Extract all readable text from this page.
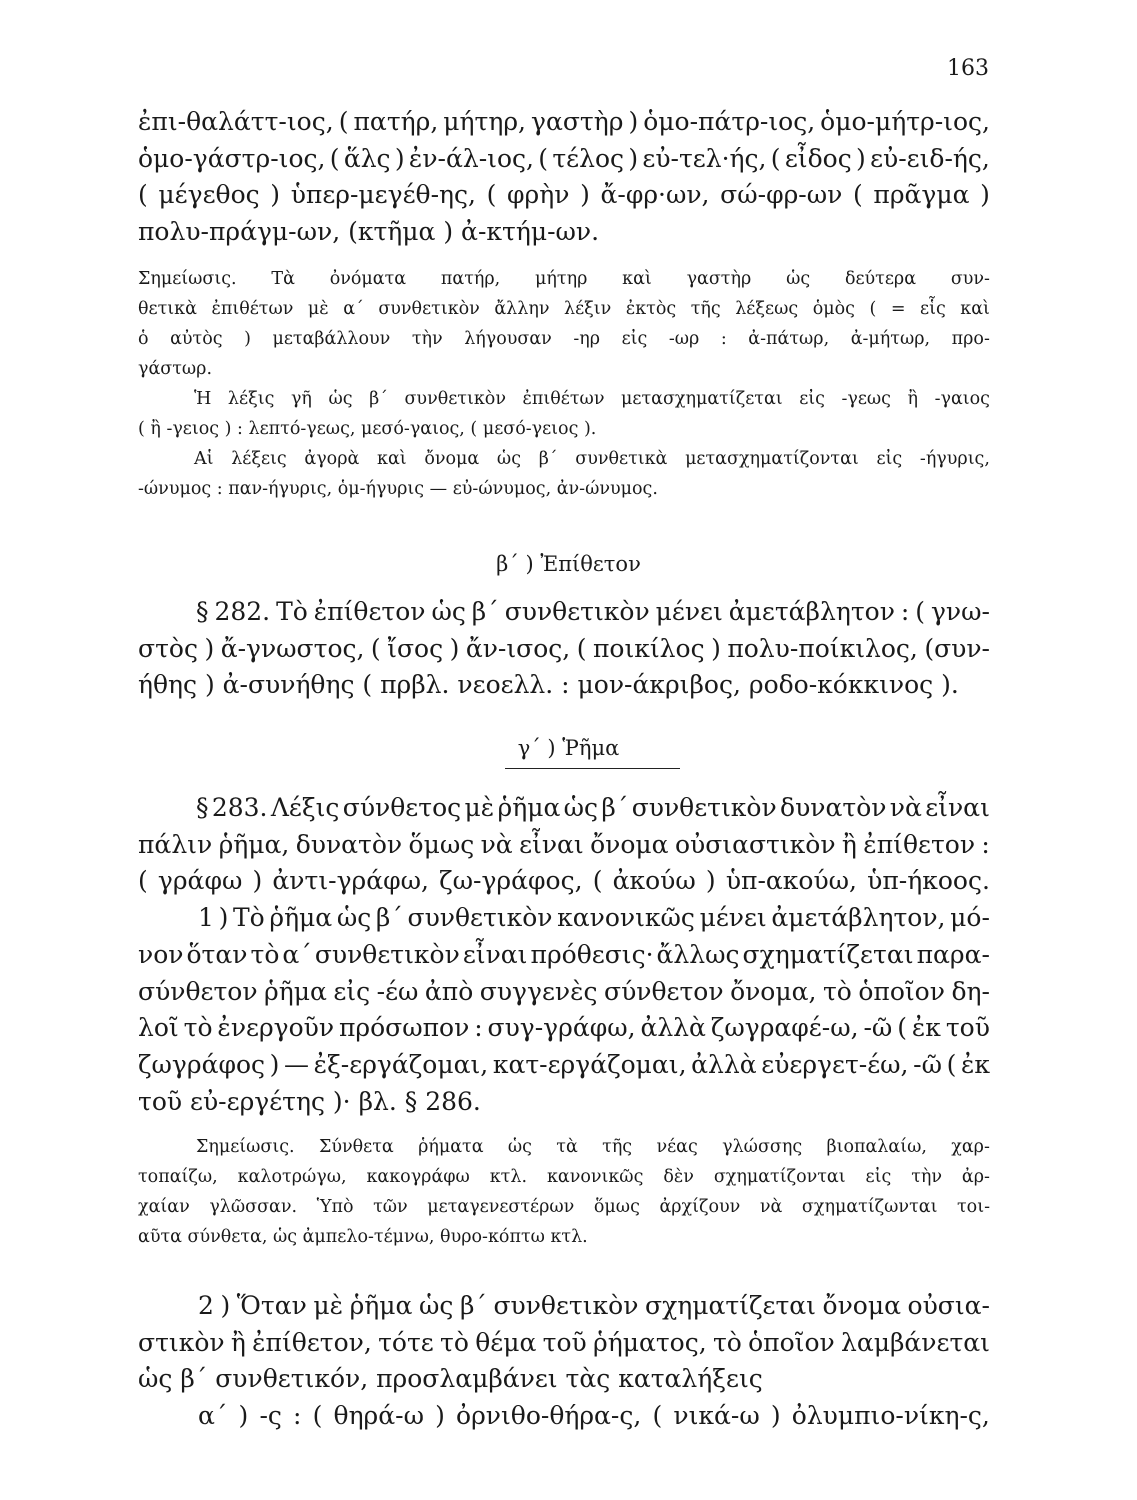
163
ἐπι-θαλάττ-ιος, ( πατήρ, μήτηρ, γαστὴρ ) ὁμο-πάτρ-ιος, ὁμο-μήτρ-ιος,
ὁμο-γάστρ-ιος, ( ἅλς ) ἐν-άλ-ιος, ( τέλος ) εὐ-τελ·ής, ( εἶδος ) εὐ-ειδ-ής,
( μέγεθος ) ὑπερ-μεγέθ-ης, ( φρὴν ) ἄ-φρ·ων, σώ-φρ-ων ( πρᾶγμα )
πολυ-πράγμ-ων, (κτῆμα ) ἀ-κτήμ-ων.
Σημείωσις. Τὰ ὀνόματα πατήρ, μήτηρ καὶ γαστὴρ ὡς δεύτερα συν-
θετικὰ ἐπιθέτων μὲ α΄ συνθετικὸν ἄλλην λέξιν ἐκτὸς τῆς λέξεως ὁμὸς ( = εἷς καὶ
ὁ αὐτὸς ) μεταβάλλουν τὴν λήγουσαν -ηρ εἰς -ωρ : ἀ-πάτωρ, ἀ-μήτωρ, προ-
γάστωρ.
Ἡ λέξις γῆ ὡς β΄ συνθετικὸν ἐπιθέτων μετασχηματίζεται εἰς -γεως ἢ -γαιος
( ἢ -γειος ) : λεπτό-γεως, μεσό-γαιος, ( μεσό-γειος ).
Αἱ λέξεις ἀγορὰ καὶ ὄνομα ὡς β΄ συνθετικὰ μετασχηματίζονται εἰς -ήγυρις,
-ώνυμος : παν-ήγυρις, ὁμ-ήγυρις — εὐ-ώνυμος, ἀν-ώνυμος.
β΄ ) Ἐπίθετον
§ 282. Τὸ ἐπίθετον ὡς β΄ συνθετικὸν μένει ἀμετάβλητον : ( γνω-
στὸς ) ἄ-γνωστος, ( ἴσος ) ἄν-ισος, ( ποικίλος ) πολυ-ποίκιλος, (συν-
ήθης ) ἀ-συνήθης ( πρβλ. νεοελλ. : μον-άκριβος, ροδο-κόκκινος ).
γ΄ ) Ῥῆμα
§ 283. Λέξις σύνθετος μὲ ῥῆμα ὡς β΄ συνθετικὸν δυνατὸν νὰ εἶναι
πάλιν ῥῆμα, δυνατὸν ὅμως νὰ εἶναι ὄνομα οὐσιαστικὸν ἢ ἐπίθετον :
( γράφω ) ἀντι-γράφω, ζω-γράφος, ( ἀκούω ) ὑπ-ακούω, ὑπ-ήκοος.
1 ) Τὸ ῥῆμα ὡς β΄ συνθετικὸν κανονικῶς μένει ἀμετάβλητον, μό-
νον ὅταν τὸ α΄ συνθετικὸν εἶναι πρόθεσις· ἄλλως σχηματίζεται παρα-
σύνθετον ῥῆμα εἰς -έω ἀπὸ συγγενὲς σύνθετον ὄνομα, τὸ ὁποῖον δη-
λοῖ τὸ ἐνεργοῦν πρόσωπον : συγ-γράφω, ἀλλὰ ζωγραφέ-ω, -ῶ ( ἐκ τοῦ
ζωγράφος ) — ἐξ-εργάζομαι, κατ-εργάζομαι, ἀλλὰ εὐεργετ-έω, -ῶ ( ἐκ
τοῦ εὐ-εργέτης )· βλ. § 286.
Σημείωσις. Σύνθετα ῥήματα ὡς τὰ τῆς νέας γλώσσης βιοπαλαίω, χαρ-
τοπαίζω, καλοτρώγω, κακογράφω κτλ. κανονικῶς δὲν σχηματίζονται εἰς τὴν ἀρ-
χαίαν γλῶσσαν. Ὑπὸ τῶν μεταγενεστέρων ὅμως ἀρχίζουν νὰ σχηματίζωνται τοι-
αῦτα σύνθετα, ὡς ἀμπελο-τέμνω, θυρο-κόπτω κτλ.
2 ) Ὅταν μὲ ῥῆμα ὡς β΄ συνθετικὸν σχηματίζεται ὄνομα οὐσια-
στικὸν ἢ ἐπίθετον, τότε τὸ θέμα τοῦ ῥήματος, τὸ ὁποῖον λαμβάνεται
ὡς β΄ συνθετικόν, προσλαμβάνει τὰς καταλήξεις
α΄ ) -ς : ( θηρά-ω ) ὀρνιθο-θήρα-ς, ( νικά-ω ) ὀλυμπιο-νίκη-ς,
